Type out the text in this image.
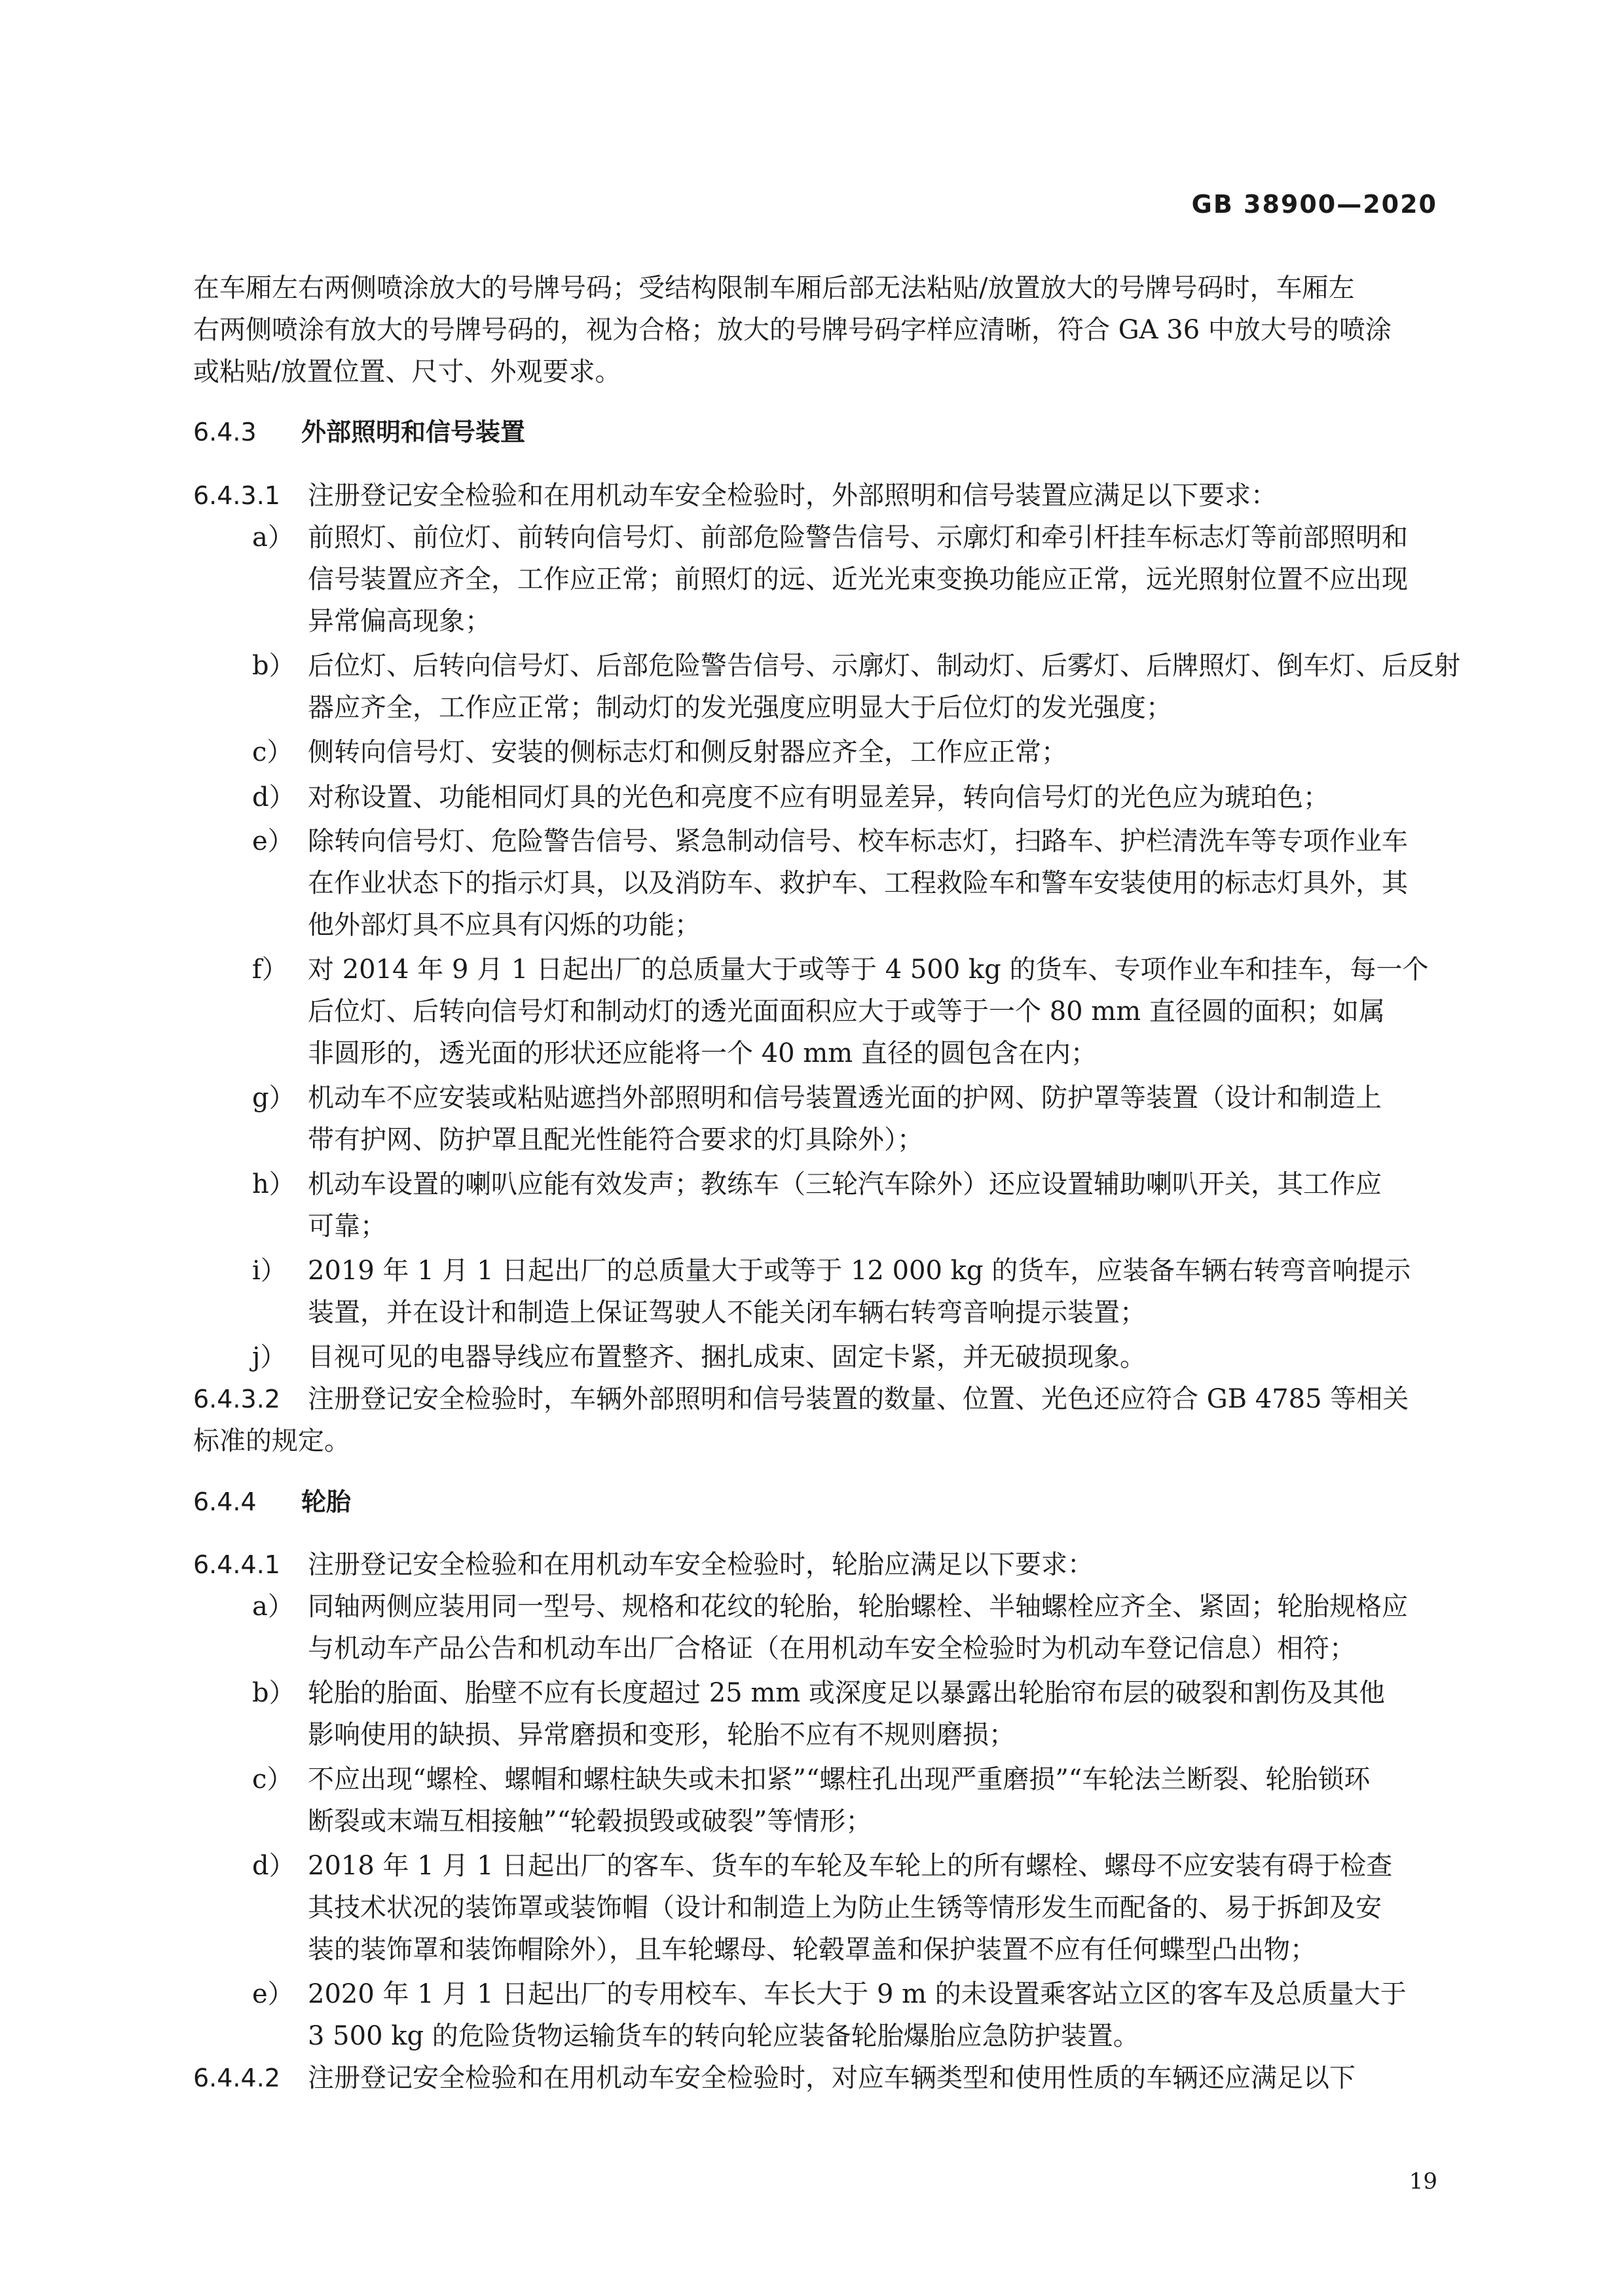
GB 38900—2020
在车厢左右两侧喷涂放大的号牌号码；受结构限制车厢后部无法粘贴/放置放大的号牌号码时，车厢左
右两侧喷涂有放大的号牌号码的，视为合格；放大的号牌号码字样应清晰，符合 GA 36 中放大号的喷涂
或粘贴/放置位置、尺寸、外观要求。
6.4.3 外部照明和信号装置
6.4.3.1 注册登记安全检验和在用机动车安全检验时，外部照明和信号装置应满足以下要求：
a） 前照灯、前位灯、前转向信号灯、前部危险警告信号、示廓灯和牵引杆挂车标志灯等前部照明和
信号装置应齐全，工作应正常；前照灯的远、近光光束变换功能应正常，远光照射位置不应出现
异常偏高现象；
b） 后位灯、后转向信号灯、后部危险警告信号、示廓灯、制动灯、后雾灯、后牌照灯、倒车灯、后反射
器应齐全，工作应正常；制动灯的发光强度应明显大于后位灯的发光强度；
c） 侧转向信号灯、安装的侧标志灯和侧反射器应齐全，工作应正常；
d） 对称设置、功能相同灯具的光色和亮度不应有明显差异，转向信号灯的光色应为琥珀色；
e） 除转向信号灯、危险警告信号、紧急制动信号、校车标志灯，扫路车、护栏清洗车等专项作业车
在作业状态下的指示灯具，以及消防车、救护车、工程救险车和警车安装使用的标志灯具外，其
他外部灯具不应具有闪烁的功能；
f） 对 2014 年 9 月 1 日起出厂的总质量大于或等于 4 500 kg 的货车、专项作业车和挂车，每一个
后位灯、后转向信号灯和制动灯的透光面面积应大于或等于一个 80 mm 直径圆的面积；如属
非圆形的，透光面的形状还应能将一个 40 mm 直径的圆包含在内；
g） 机动车不应安装或粘贴遮挡外部照明和信号装置透光面的护网、防护罩等装置（设计和制造上
带有护网、防护罩且配光性能符合要求的灯具除外）；
h） 机动车设置的喇叭应能有效发声；教练车（三轮汽车除外）还应设置辅助喇叭开关，其工作应
可靠；
i） 2019 年 1 月 1 日起出厂的总质量大于或等于 12 000 kg 的货车，应装备车辆右转弯音响提示
装置，并在设计和制造上保证驾驶人不能关闭车辆右转弯音响提示装置；
j） 目视可见的电器导线应布置整齐、捆扎成束、固定卡紧，并无破损现象。
6.4.3.2 注册登记安全检验时，车辆外部照明和信号装置的数量、位置、光色还应符合 GB 4785 等相关
标准的规定。
6.4.4 轮胎
6.4.4.1 注册登记安全检验和在用机动车安全检验时，轮胎应满足以下要求：
a） 同轴两侧应装用同一型号、规格和花纹的轮胎，轮胎螺栓、半轴螺栓应齐全、紧固；轮胎规格应
与机动车产品公告和机动车出厂合格证（在用机动车安全检验时为机动车登记信息）相符；
b） 轮胎的胎面、胎壁不应有长度超过 25 mm 或深度足以暴露出轮胎帘布层的破裂和割伤及其他
影响使用的缺损、异常磨损和变形，轮胎不应有不规则磨损；
c） 不应出现“螺栓、螺帽和螺柱缺失或未扣紧”“螺柱孔出现严重磨损”“车轮法兰断裂、轮胎锁环
断裂或末端互相接触”“轮毂损毁或破裂”等情形；
d） 2018 年 1 月 1 日起出厂的客车、货车的车轮及车轮上的所有螺栓、螺母不应安装有碍于检查
其技术状况的装饰罩或装饰帽（设计和制造上为防止生锈等情形发生而配备的、易于拆卸及安
装的装饰罩和装饰帽除外），且车轮螺母、轮毂罩盖和保护装置不应有任何蝶型凸出物；
e） 2020 年 1 月 1 日起出厂的专用校车、车长大于 9 m 的未设置乘客站立区的客车及总质量大于
3 500 kg 的危险货物运输货车的转向轮应装备轮胎爆胎应急防护装置。
6.4.4.2 注册登记安全检验和在用机动车安全检验时，对应车辆类型和使用性质的车辆还应满足以下
19
